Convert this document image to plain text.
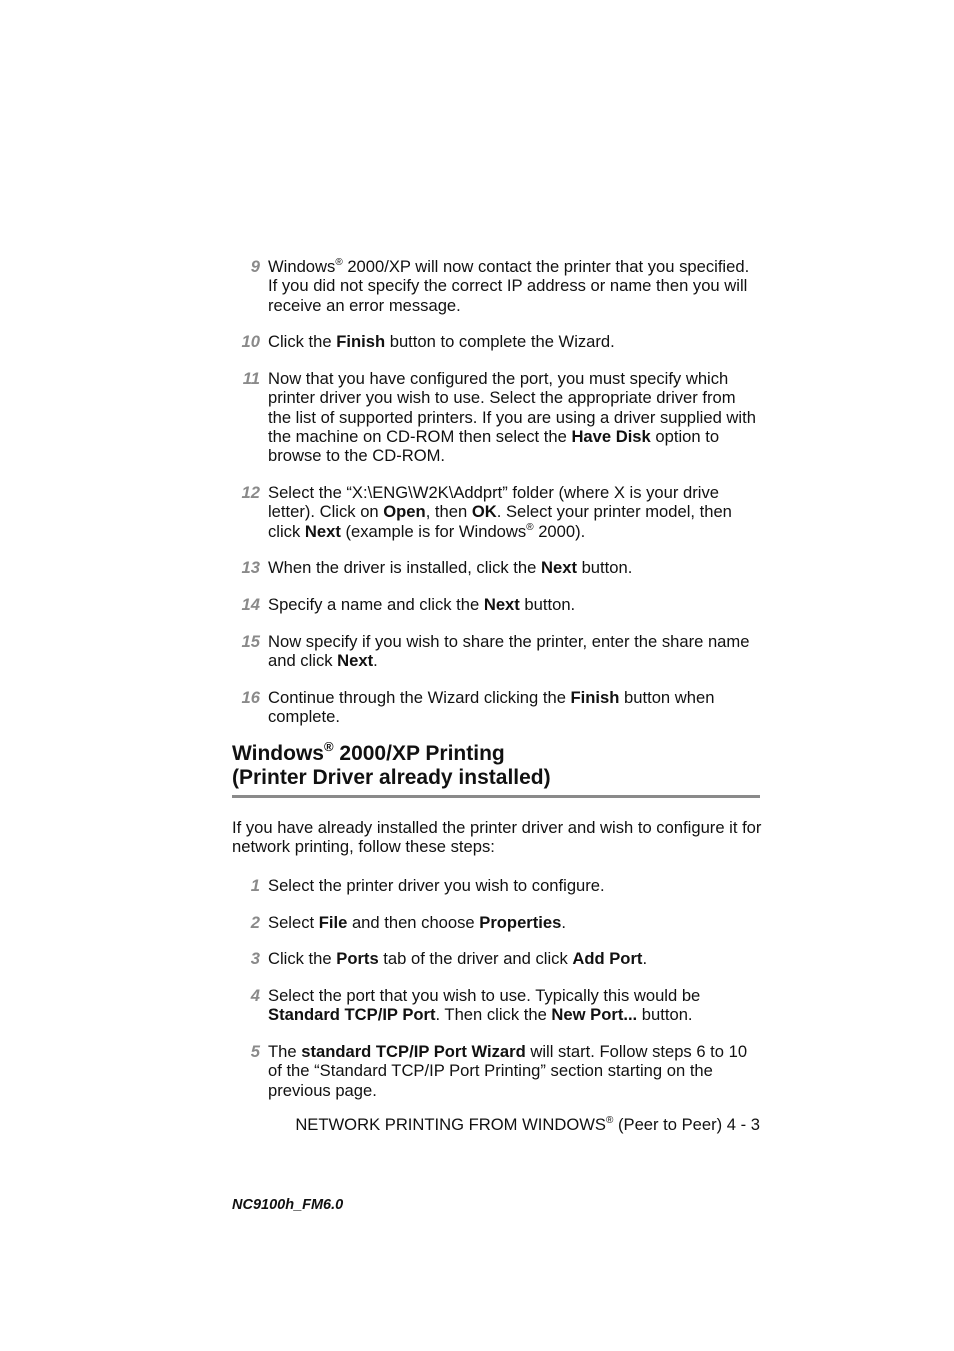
9 Windows® 2000/XP will now contact the printer that you specified. If you did not specify the correct IP address or name then you will receive an error message.
10 Click the Finish button to complete the Wizard.
11 Now that you have configured the port, you must specify which printer driver you wish to use. Select the appropriate driver from the list of supported printers. If you are using a driver supplied with the machine on CD-ROM then select the Have Disk option to browse to the CD-ROM.
12 Select the “X:\ENG\W2K\Addprt” folder (where X is your drive letter). Click on Open, then OK. Select your printer model, then click Next (example is for Windows® 2000).
13 When the driver is installed, click the Next button.
14 Specify a name and click the Next button.
15 Now specify if you wish to share the printer, enter the share name and click Next.
16 Continue through the Wizard clicking the Finish button when complete.
Windows® 2000/XP Printing
(Printer Driver already installed)
If you have already installed the printer driver and wish to configure it for network printing, follow these steps:
1 Select the printer driver you wish to configure.
2 Select File and then choose Properties.
3 Click the Ports tab of the driver and click Add Port.
4 Select the port that you wish to use. Typically this would be Standard TCP/IP Port. Then click the New Port... button.
5 The standard TCP/IP Port Wizard will start. Follow steps 6 to 10 of the “Standard TCP/IP Port Printing” section starting on the previous page.
NETWORK PRINTING FROM WINDOWS® (Peer to Peer) 4 - 3
NC9100h_FM6.0
